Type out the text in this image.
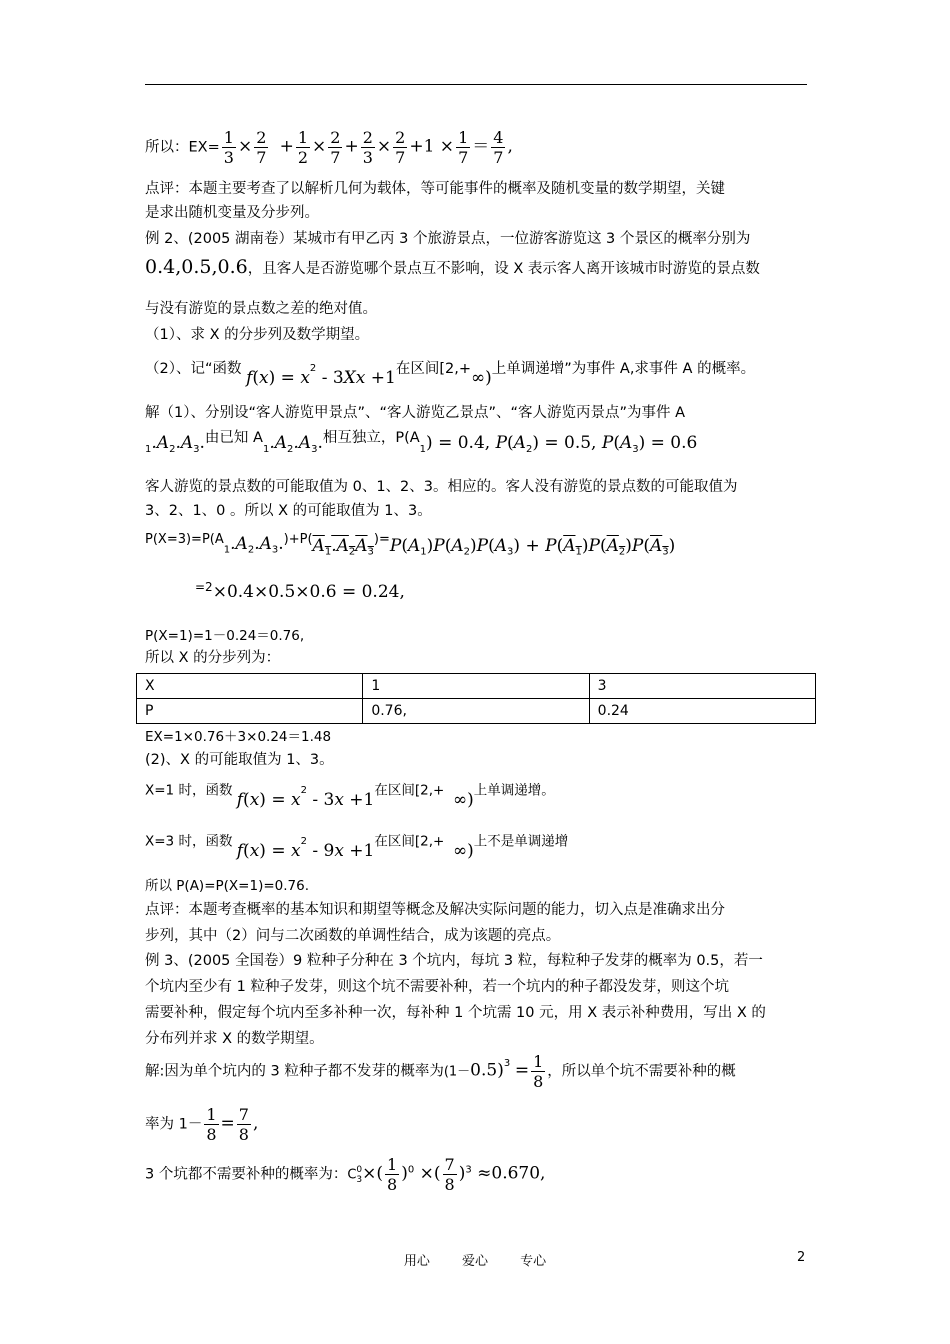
所以：$EX= \frac{1}{3} \times \frac{2}{7} + \frac{1}{2} \times \frac{2}{7} + \frac{2}{3} \times \frac{2}{7} +1 \times \frac{1}{7} = \frac{4}{7}$ ,
点评：本题主要考查了以解析几何为载体，等可能事件的概率及随机变量的数学期望，关键
是求出随机变量及分步列。
例 2、(2005 湖南卷）某城市有甲乙丙 3 个旅游景点，一位游客游览这 3 个景区的概率分别为
0.4,0.5,0.6，且客人是否游览哪个景点互不影响，设 X 表示客人离开该城市时游览的景点数
与没有游览的景点数之差的绝对值。
（1）、求 X 的分步列及数学期望。
（2）、记“函数 $f(x) = x^2 - 3Xx +1$在区间[2,+∞)上单调递增”为事件 A,求事件 A 的概率。
解（1）、分别设“客人游览甲景点”、“客人游览乙景点”、“客人游览丙景点”为事件 A
$_1.A_2.A_3$.由已知 $A_1.A_2.A_3$.相互独立，$P(A_1) = 0.4$, $P(A_2) = 0.5$, $P(A_3) = 0.6$
客人游览的景点数的可能取值为 0、1、2、3。相应的。客人没有游览的景点数的可能取值为
3、2、1、0 。所以 X 的可能取值为 1、3。
$P(X=3)=P(A_1.A_2.A_3.)+P(\overline{A}_1.A_2\overline{A}_3)=P(A_1)P(A_2)P(A_3) + P(\overline{A}_1)P(\overline{A}_2)P(\overline{A}_3)$
$^{=2}$×0.4×0.5×0.6 = 0.24,
P(X=1)=1－0.24＝0.76,
所以 X 的分步列为：
X	1	3
P	0.76,	0.24
EX=1×0.76＋3×0.24＝1.48
(2)、X 的可能取值为 1、3。
X=1 时，函数 $f(x) = x^2 - 3x +1$在区间[2,+ ∞)上单调递增。
X=3 时，函数 $f(x) = x^2 - 9x +1$在区间[2,+ ∞)上不是单调递增
所以 P(A)=P(X=1)=0.76.
点评：本题考查概率的基本知识和期望等概念及解决实际问题的能力，切入点是准确求出分
步列，其中（2）问与二次函数的单调性结合，成为该题的亮点。
例 3、(2005 全国卷）9 粒种子分种在 3 个坑内，每坑 3 粒，每粒种子发芽的概率为 0.5，若一
个坑内至少有 1 粒种子发芽，则这个坑不需要补种，若一个坑内的种子都没发芽，则这个坑
需要补种，假定每个坑内至多补种一次，每补种 1 个坑需 10 元，用 X 表示补种费用，写出 X 的
分布列并求 X 的数学期望。
解:因为单个坑内的 3 粒种子都不发芽的概率为$(1-0.5)^3 = \frac{1}{8}$ ，所以单个坑不需要补种的概
率为 $1- \frac{1}{8} = \frac{7}{8}$ ,
3 个坑都不需要补种的概率为：C0
$3\times( \frac{1}{8} )^0$ ×( $\frac{7}{8} )^3 \approx 0.670$,
用心 爱心 专心	2
